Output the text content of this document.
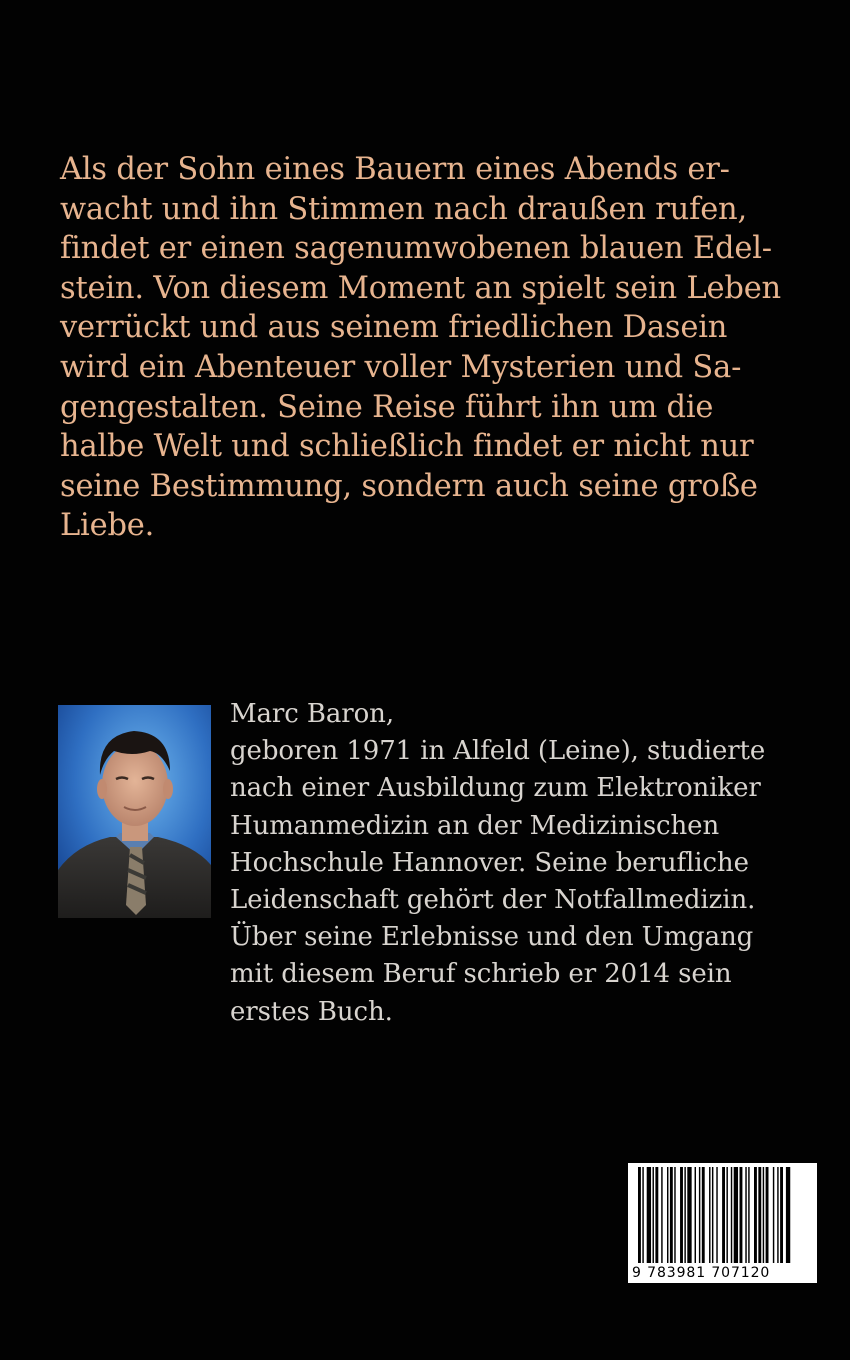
Als der Sohn eines Bauern eines Abends er-
wacht und ihn Stimmen nach draußen rufen,
findet er einen sagenumwobenen blauen Edel-
stein. Von diesem Moment an spielt sein Leben
verrückt und aus seinem friedlichen Dasein
wird ein Abenteuer voller Mysterien und Sa-
gengestalten. Seine Reise führt ihn um die
halbe Welt und schließlich findet er nicht nur
seine Bestimmung, sondern auch seine große
Liebe.
Marc Baron,
geboren 1971 in Alfeld (Leine), studierte
nach einer Ausbildung zum Elektroniker
Humanmedizin an der Medizinischen
Hochschule Hannover. Seine berufliche
Leidenschaft gehört der Notfallmedizin.
Über seine Erlebnisse und den Umgang
mit diesem Beruf schrieb er 2014 sein
erstes Buch.
9 783981 707120
